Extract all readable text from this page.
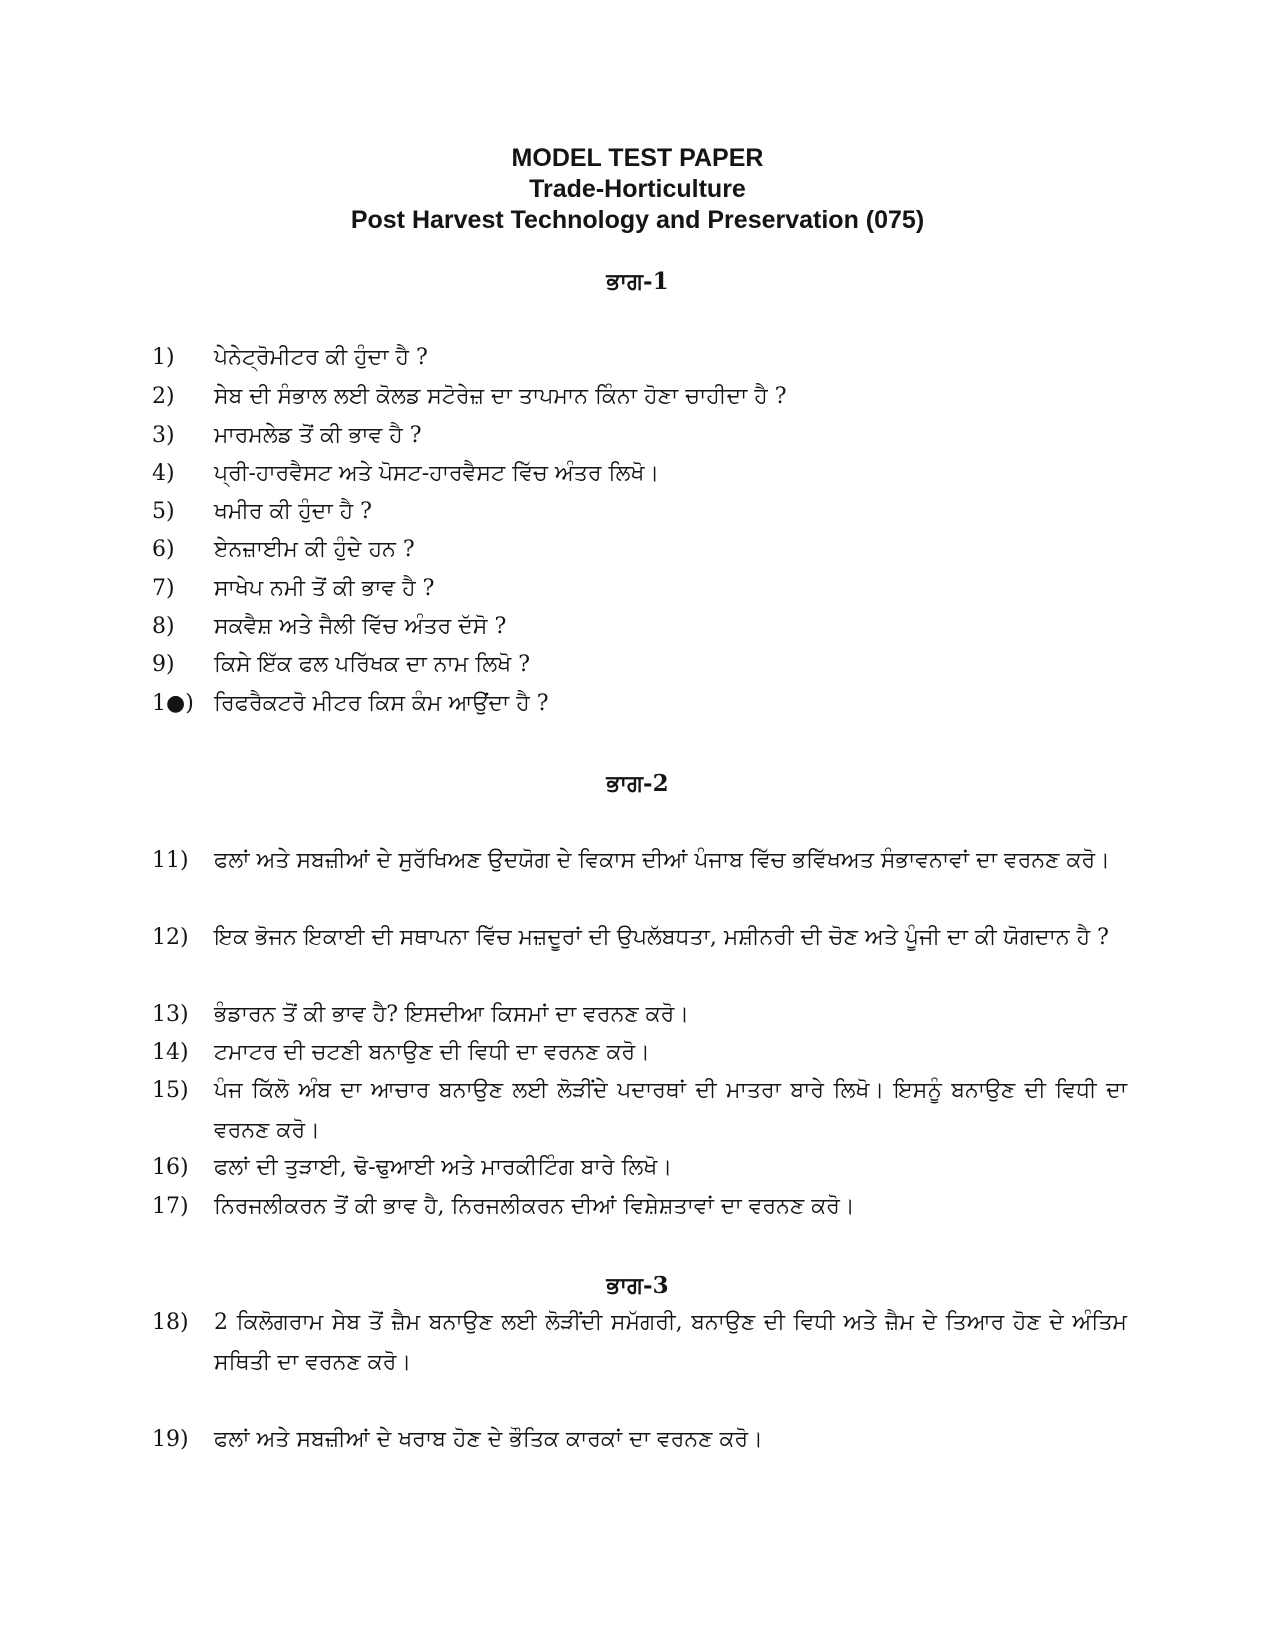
MODEL TEST PAPER
Trade-Horticulture
Post Harvest Technology and Preservation (075)
ਭਾਗ-1
1)	ਪੇਨੇਟ੍ਰੋਮੀਟਰ ਕੀ ਹੁੰਦਾ ਹੈ ?
2)	ਸੇਬ ਦੀ ਸੰਭਾਲ ਲਈ ਕੋਲਡ ਸਟੋਰੇਜ਼ ਦਾ ਤਾਪਮਾਨ ਕਿੰਨਾ ਹੋਣਾ ਚਾਹੀਦਾ ਹੈ ?
3)	ਮਾਰਮਲੇਡ ਤੋਂ ਕੀ ਭਾਵ ਹੈ ?
4)	ਪ੍ਰੀ-ਹਾਰਵੈਸਟ ਅਤੇ ਪੋਸਟ-ਹਾਰਵੈਸਟ ਵਿੱਚ ਅੰਤਰ ਲਿਖੋ।
5)	ਖਮੀਰ ਕੀ ਹੁੰਦਾ ਹੈ ?
6)	ਏਨਜ਼ਾਈਮ ਕੀ ਹੁੰਦੇ ਹਨ ?
7)	ਸਾਖੇਪ ਨਮੀ ਤੋਂ ਕੀ ਭਾਵ ਹੈ ?
8)	ਸਕਵੈਸ਼ ਅਤੇ ਜੈਲੀ ਵਿੱਚ ਅੰਤਰ ਦੱਸੋ ?
9)	ਕਿਸੇ ਇੱਕ ਫਲ ਪਰਿੱਖਕ ਦਾ ਨਾਮ ਲਿਖੋ ?
1●) ਰਿਫਰੈਕਟਰੋ ਮੀਟਰ ਕਿਸ ਕੰਮ ਆਉਂਦਾ ਹੈ ?
ਭਾਗ-2
11)	ਫਲਾਂ ਅਤੇ ਸਬਜ਼ੀਆਂ ਦੇ ਸੁਰੱਖਿਅਣ ਉਦਯੋਗ ਦੇ ਵਿਕਾਸ ਦੀਆਂ ਪੰਜਾਬ ਵਿੱਚ ਭਵਿੱਖਅਤ ਸੰਭਾਵਨਾਵਾਂ ਦਾ ਵਰਨਣ ਕਰੋ।
12)	ਇਕ ਭੋਜਨ ਇਕਾਈ ਦੀ ਸਥਾਪਨਾ ਵਿੱਚ ਮਜ਼ਦੂਰਾਂ ਦੀ ਉਪਲੱਬਧਤਾ, ਮਸ਼ੀਨਰੀ ਦੀ ਚੋਣ ਅਤੇ ਪੂੰਜੀ ਦਾ ਕੀ ਯੋਗਦਾਨ ਹੈ ?
13)	ਭੰਡਾਰਨ ਤੋਂ ਕੀ ਭਾਵ ਹੈ? ਇਸਦੀਆ ਕਿਸਮਾਂ ਦਾ ਵਰਨਣ ਕਰੋ।
14)	ਟਮਾਟਰ ਦੀ ਚਟਣੀ ਬਨਾਉਣ ਦੀ ਵਿਧੀ ਦਾ ਵਰਨਣ ਕਰੋ।
15)	ਪੰਜ ਕਿੱਲੋ ਅੰਬ ਦਾ ਆਚਾਰ ਬਨਾਉਣ ਲਈ ਲੋੜੀਂਦੇ ਪਦਾਰਥਾਂ ਦੀ ਮਾਤਰਾ ਬਾਰੇ ਲਿਖੋ। ਇਸਨੂੰ ਬਨਾਉਣ ਦੀ ਵਿਧੀ ਦਾ ਵਰਨਣ ਕਰੋ।
16)	ਫਲਾਂ ਦੀ ਤੁੜਾਈ, ਢੋ-ਢੁਆਈ ਅਤੇ ਮਾਰਕੀਟਿੰਗ ਬਾਰੇ ਲਿਖੋ।
17)	ਨਿਰਜਲੀਕਰਨ ਤੋਂ ਕੀ ਭਾਵ ਹੈ, ਨਿਰਜਲੀਕਰਨ ਦੀਆਂ ਵਿਸ਼ੇਸ਼ਤਾਵਾਂ ਦਾ ਵਰਨਣ ਕਰੋ।
ਭਾਗ-3
18)	2 ਕਿਲੋਗਰਾਮ ਸੇਬ ਤੋਂ ਜ਼ੈਮ ਬਨਾਉਣ ਲਈ ਲੋੜੀਂਦੀ ਸਮੱਗਰੀ, ਬਨਾਉਣ ਦੀ ਵਿਧੀ ਅਤੇ ਜ਼ੈਮ ਦੇ ਤਿਆਰ ਹੋਣ ਦੇ ਅੰਤਿਮ ਸਥਿਤੀ ਦਾ ਵਰਨਣ ਕਰੋ।
19)	ਫਲਾਂ ਅਤੇ ਸਬਜ਼ੀਆਂ ਦੇ ਖਰਾਬ ਹੋਣ ਦੇ ਭੌਤਿਕ ਕਾਰਕਾਂ ਦਾ ਵਰਨਣ ਕਰੋ।
